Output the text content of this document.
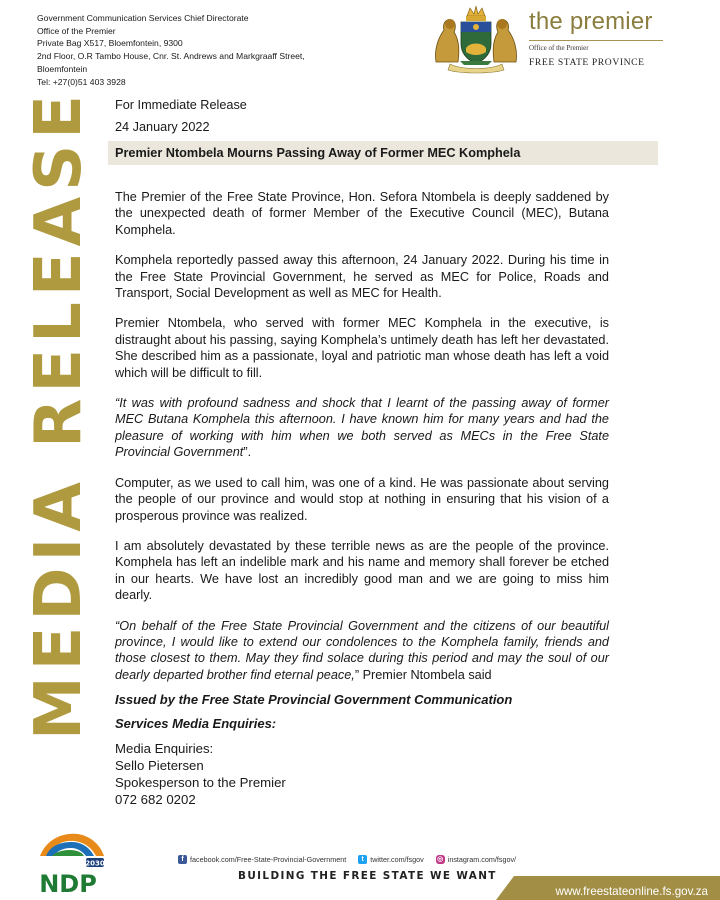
Government Communication Services Chief Directorate
Office of the Premier
Private Bag X517, Bloemfontein, 9300
2nd Floor, O.R Tambo House, Cnr. St. Andrews and Markgraaff Street,
Bloemfontein
Tel: +27(0)51 403 3928
the premier
Office of the Premier
FREE STATE PROVINCE
MEDIA RELEASE For Immediate Release
24 January 2022
Premier Ntombela Mourns Passing Away of Former MEC Komphela

The Premier of the Free State Province, Hon. Sefora Ntombela is deeply saddened by the unexpected death of former Member of the Executive Council (MEC), Butana Komphela.

Komphela reportedly passed away this afternoon, 24 January 2022. During his time in the Free State Provincial Government, he served as MEC for Police, Roads and Transport, Social Development as well as MEC for Health.

Premier Ntombela, who served with former MEC Komphela in the executive, is distraught about his passing, saying Komphela’s untimely death has left her devastated. She described him as a passionate, loyal and patriotic man whose death has left a void which will be difficult to fill.

“It was with profound sadness and shock that I learnt of the passing away of former MEC Butana Komphela this afternoon. I have known him for many years and had the pleasure of working with him when we both served as MECs in the Free State Provincial Government”.

Computer, as we used to call him, was one of a kind. He was passionate about serving the people of our province and would stop at nothing in ensuring that his vision of a prosperous province was realized.

I am absolutely devastated by these terrible news as are the people of the province. Komphela has left an indelible mark and his name and memory shall forever be etched in our hearts. We have lost an incredibly good man and we are going to miss him dearly.

“On behalf of the Free State Provincial Government and the citizens of our beautiful province, I would like to extend our condolences to the Komphela family, friends and those closest to them. May they find solace during this period and may the soul of our dearly departed brother find eternal peace,” Premier Ntombela said

Issued by the Free State Provincial Government Communication
Services Media Enquiries:
Media Enquiries:
Sello Pietersen
Spokesperson to the Premier
072 682 0202
2030
NDP
f facebook.com/Free-State-Provincial-Government	t twitter.com/fsgov ◎ instagram.com/fsgov/
BUILDING THE FREE STATE WE WANT
www.freestateonline.fs.gov.za
